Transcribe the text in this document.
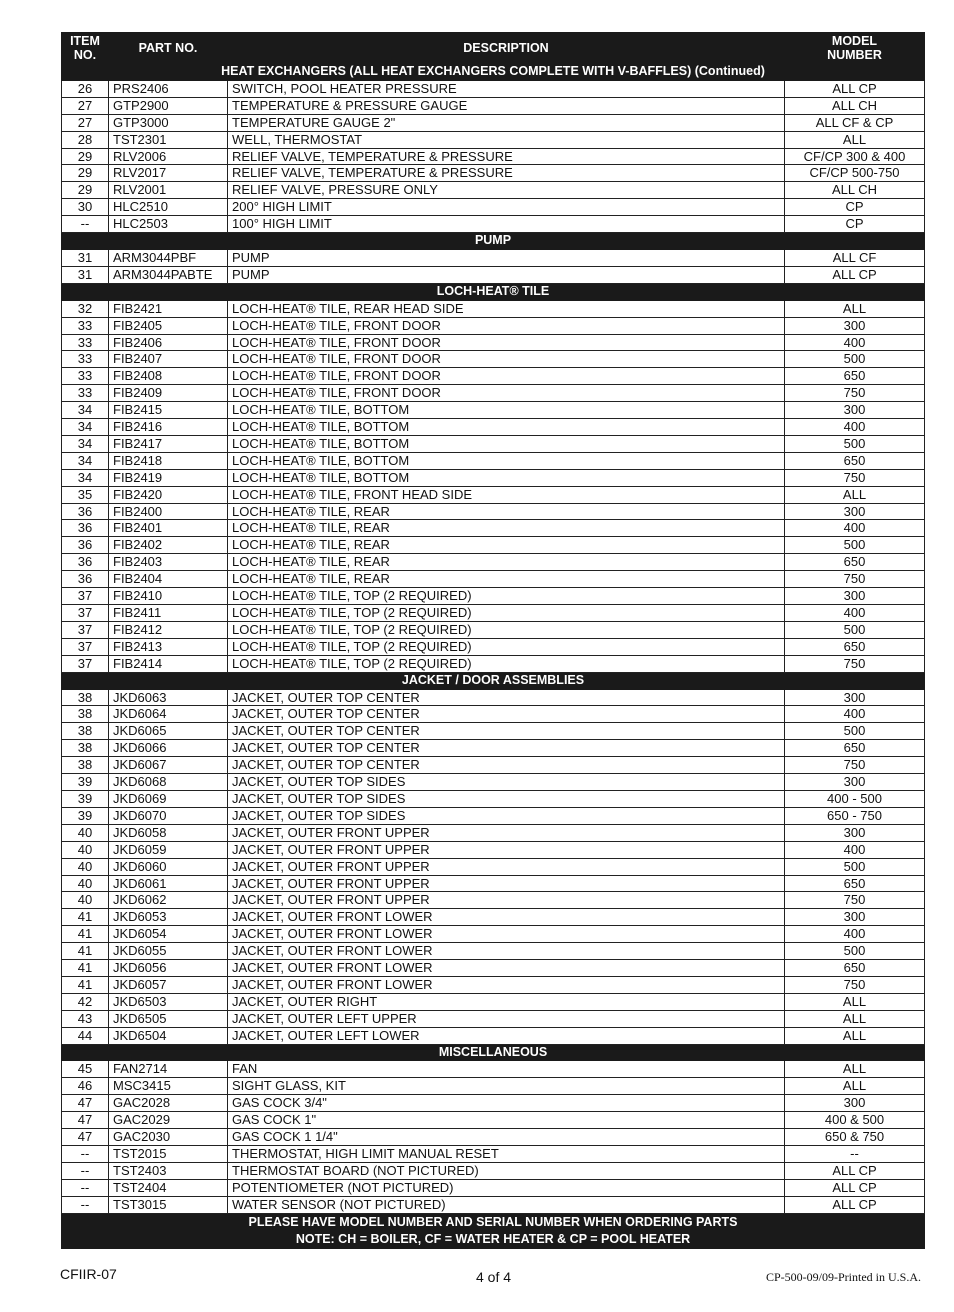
ITEM
NO.	PART NO.	DESCRIPTION	MODEL
NUMBER
HEAT EXCHANGERS (ALL HEAT EXCHANGERS COMPLETE WITH V-BAFFLES) (Continued)			
26	PRS2406	SWITCH, POOL HEATER PRESSURE	ALL CP
27	GTP2900	TEMPERATURE & PRESSURE GAUGE	ALL CH
27	GTP3000	TEMPERATURE GAUGE 2"	ALL CF & CP
28	TST2301	WELL, THERMOSTAT	ALL
29	RLV2006	RELIEF VALVE, TEMPERATURE & PRESSURE	CF/CP 300 & 400
29	RLV2017	RELIEF VALVE, TEMPERATURE & PRESSURE	CF/CP 500-750
29	RLV2001	RELIEF VALVE, PRESSURE ONLY	ALL CH
30	HLC2510	200° HIGH LIMIT	CP
--	HLC2503	100° HIGH LIMIT	CP
PUMP			
31	ARM3044PBF	PUMP	ALL CF
31	ARM3044PABTE	PUMP	ALL CP
LOCH-HEAT® TILE			
32	FIB2421	LOCH-HEAT® TILE, REAR HEAD SIDE	ALL
33	FIB2405	LOCH-HEAT® TILE, FRONT DOOR	300
33	FIB2406	LOCH-HEAT® TILE, FRONT DOOR	400
33	FIB2407	LOCH-HEAT® TILE, FRONT DOOR	500
33	FIB2408	LOCH-HEAT® TILE, FRONT DOOR	650
33	FIB2409	LOCH-HEAT® TILE, FRONT DOOR	750
34	FIB2415	LOCH-HEAT® TILE, BOTTOM	300
34	FIB2416	LOCH-HEAT® TILE, BOTTOM	400
34	FIB2417	LOCH-HEAT® TILE, BOTTOM	500
34	FIB2418	LOCH-HEAT® TILE, BOTTOM	650
34	FIB2419	LOCH-HEAT® TILE, BOTTOM	750
35	FIB2420	LOCH-HEAT® TILE, FRONT HEAD SIDE	ALL
36	FIB2400	LOCH-HEAT® TILE, REAR	300
36	FIB2401	LOCH-HEAT® TILE, REAR	400
36	FIB2402	LOCH-HEAT® TILE, REAR	500
36	FIB2403	LOCH-HEAT® TILE, REAR	650
36	FIB2404	LOCH-HEAT® TILE, REAR	750
37	FIB2410	LOCH-HEAT® TILE, TOP (2 REQUIRED)	300
37	FIB2411	LOCH-HEAT® TILE, TOP (2 REQUIRED)	400
37	FIB2412	LOCH-HEAT® TILE, TOP (2 REQUIRED)	500
37	FIB2413	LOCH-HEAT® TILE, TOP (2 REQUIRED)	650
37	FIB2414	LOCH-HEAT® TILE, TOP (2 REQUIRED)	750
JACKET / DOOR ASSEMBLIES			
38	JKD6063	JACKET, OUTER TOP CENTER	300
38	JKD6064	JACKET, OUTER TOP CENTER	400
38	JKD6065	JACKET, OUTER TOP CENTER	500
38	JKD6066	JACKET, OUTER TOP CENTER	650
38	JKD6067	JACKET, OUTER TOP CENTER	750
39	JKD6068	JACKET, OUTER TOP SIDES	300
39	JKD6069	JACKET, OUTER TOP SIDES	400 - 500
39	JKD6070	JACKET, OUTER TOP SIDES	650 - 750
40	JKD6058	JACKET, OUTER FRONT UPPER	300
40	JKD6059	JACKET, OUTER FRONT UPPER	400
40	JKD6060	JACKET, OUTER FRONT UPPER	500
40	JKD6061	JACKET, OUTER FRONT UPPER	650
40	JKD6062	JACKET, OUTER FRONT UPPER	750
41	JKD6053	JACKET, OUTER FRONT LOWER	300
41	JKD6054	JACKET, OUTER FRONT LOWER	400
41	JKD6055	JACKET, OUTER FRONT LOWER	500
41	JKD6056	JACKET, OUTER FRONT LOWER	650
41	JKD6057	JACKET, OUTER FRONT LOWER	750
42	JKD6503	JACKET, OUTER RIGHT	ALL
43	JKD6505	JACKET, OUTER LEFT UPPER	ALL
44	JKD6504	JACKET, OUTER LEFT LOWER	ALL
MISCELLANEOUS			
45	FAN2714	FAN	ALL
46	MSC3415	SIGHT GLASS, KIT	ALL
47	GAC2028	GAS COCK 3/4"	300
47	GAC2029	GAS COCK 1"	400 & 500
47	GAC2030	GAS COCK 1 1/4"	650 & 750
--	TST2015	THERMOSTAT, HIGH LIMIT MANUAL RESET	--
--	TST2403	THERMOSTAT BOARD (NOT PICTURED)	ALL CP
--	TST2404	POTENTIOMETER (NOT PICTURED)	ALL CP
--	TST3015	WATER SENSOR (NOT PICTURED)	ALL CP
PLEASE HAVE MODEL NUMBER AND SERIAL NUMBER WHEN ORDERING PARTS			
NOTE: CH = BOILER, CF = WATER HEATER & CP = POOL HEATER			
CFIIR-07	4 of 4	CP-500-09/09-Printed in U.S.A.
